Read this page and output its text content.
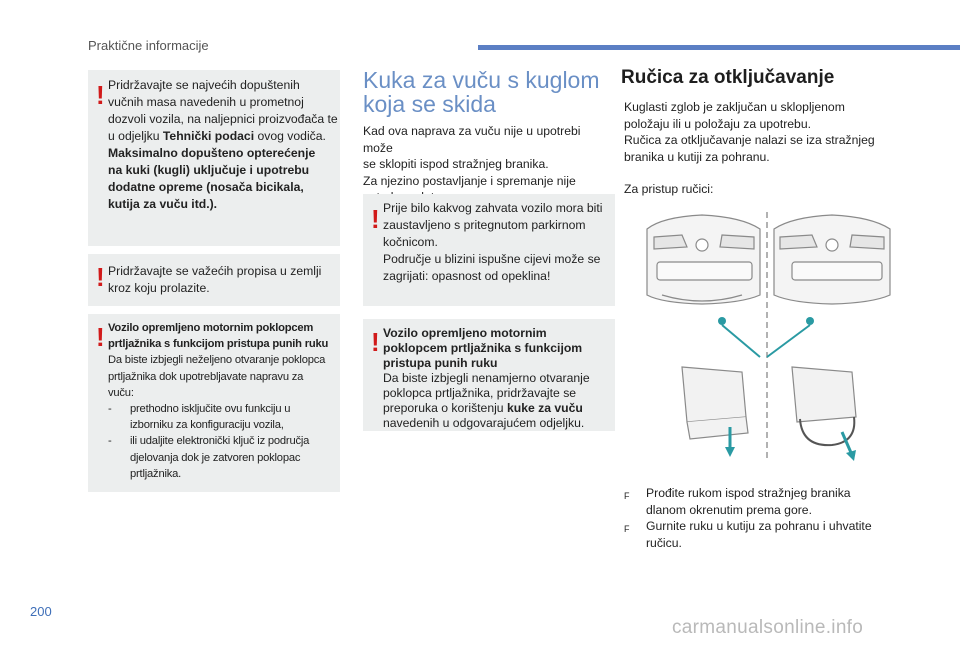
Praktične informacije
! Pridržavajte se najvećih dopuštenih
vučnih masa navedenih u prometnoj
dozvoli vozila, na naljepnici proizvođača te
u odjeljku Tehnički podaci ovog vodiča.
Maksimalno dopušteno opterećenje
na kuki (kugli) uključuje i upotrebu
dodatne opreme (nosača bicikala,
kutija za vuču itd.).
! Pridržavajte se važećih propisa u zemlji
kroz koju prolazite.
! Vozilo opremljeno motornim poklopcem
prtljažnika s funkcijom pristupa punih ruku
Da biste izbjegli neželjeno otvaranje poklopca
prtljažnika dok upotrebljavate napravu za
vuču:
-	prethodno isključite ovu funkciju u
izborniku za konfiguraciju vozila,
-	ili udaljite elektronički ključ iz područja
djelovanja dok je zatvoren poklopac
prtljažnika.
Kuka za vuču s kuglom
koja se skida
Kad ova naprava za vuču nije u upotrebi može
se sklopiti ispod stražnjeg branika.
Za njezino postavljanje i spremanje nije
! Prije bilo kakvog zahvata vozilo mora biti
zaustavljeno s pritegnutom parkirnom
kočnicom.
Područje u blizini ispušne cijevi može se
zagrijati: opasnost od opeklina!
! Vozilo opremljeno motornim
poklopcem prtljažnika s funkcijom
pristupa punih ruku
Da biste izbjegli nenamjerno otvaranje
poklopca prtljažnika, pridržavajte se
preporuka o korištenju kuke za vuču
navedenih u odgovarajućem odjeljku.
Ručica za otključavanje
Kuglasti zglob je zaključan u sklopljenom
položaju ili u položaju za upotrebu.
Ručica za otključavanje nalazi se iza stražnjeg
branika u kutiji za pohranu.
Za pristup ručici:
F	Prođite rukom ispod stražnjeg branika
dlanom okrenutim prema gore.
F	Gurnite ruku u kutiju za pohranu i uhvatite
ručicu.
200
carmanualsonline.info
